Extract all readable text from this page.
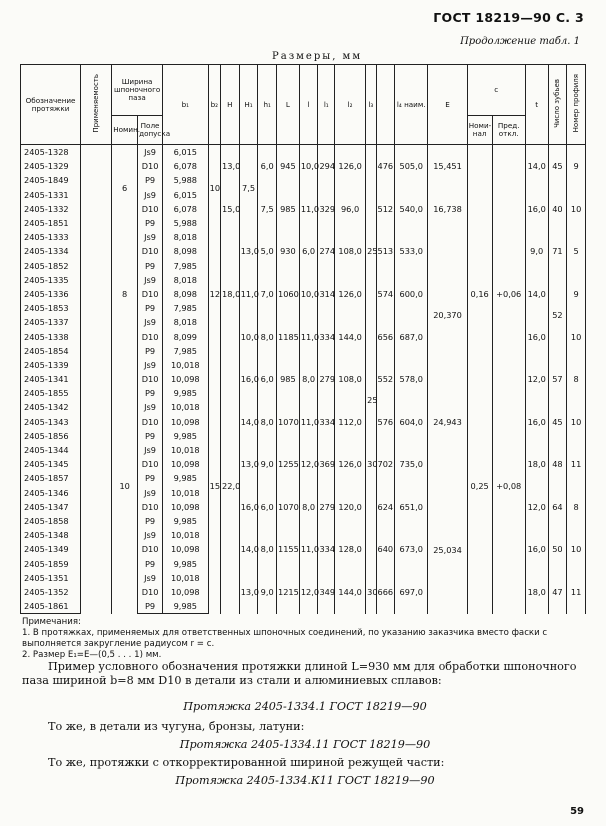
ГОСТ 18219—90 С. 3
Продолжение табл. 1
Размеры, мм
Обозначение протяжки	Применяемость	Ширина шпоночного паза		b₁	b₂	H	H₁	h₁	L	l	l₁	l₂	l₃		l₄ наим.	E	c		t	Число зубьев	Номер профиля
		Номин.	Поле допуска														Номи-нал	Пред. откл.			
2405-1328		6	Js9	6,015	10	13,0	7,5	6,0	945	10,0	294	126,0	25	476	505,0	15,451			14,0	45	9
2405-1329			D10	6,078																	
2405-1849			P9	5,988																	
2405-1331			Js9	6,015		15,0		7,5	985	11,0	329	96,0		512	540,0	16,738			16,0	40	10
2405-1332			D10	6,078																	
2405-1851			P9	5,988																	
2405-1333		8	Js9	8,018	12	18,0	13,0	5,0	930	6,0	274	108,0		513	533,0		0,16	+0,06	9,0	71	5
2405-1334			D10	8,098																	
2405-1852			P9	7,985																	
2405-1335			Js9	8,018			11,0	7,0	1060	10,0	314	126,0		574	600,0	20,370			14,0	52	9
2405-1336			D10	8,098																	
2405-1853			P9	7,985																	
2405-1337			Js9	8,018			10,0	8,0	1185	11,0	334	144,0		656	687,0				16,0		10
2405-1338			D10	8,099																	
2405-1854			P9	7,985																	
2405-1339		10	Js9	10,018	15	22,0	16,0	6,0	985	8,0	279	108,0	25	552	578,0	24,943	0,25	+0,08	12,0	57	8
2405-1341			D10	10,098																	
2405-1855			P9	9,985																	
2405-1342			Js9	10,018			14,0	8,0	1070	11,0	334	112,0		576	604,0				16,0	45	10
2405-1343			D10	10,098																	
2405-1856			P9	9,985																	
2405-1344			Js9	10,018			13,0	9,0	1255	12,0	369	126,0	30	702	735,0				18,0	48	11
2405-1345			D10	10,098																	
2405-1857			P9	9,985																	
2405-1346			Js9	10,018			16,0	6,0	1070	8,0	279	120,0		624	651,0	25,034			12,0	64	8
2405-1347			D10	10,098																	
2405-1858			P9	9,985																	
2405-1348			Js9	10,018			14,0	8,0	1155	11,0	334	128,0		640	673,0				16,0	50	10
2405-1349			D10	10,098																	
2405-1859			P9	9,985																	
2405-1351			Js9	10,018			13,0	9,0	1215	12,0	349	144,0	30	666	697,0				18,0	47	11
2405-1352			D10	10,098																	
2405-1861			P9	9,985																	
Примечания:
1. В протяжках, применяемых для ответственных шпоночных соединений, по указанию заказчика вместо фаски с выполняется закругление радиусом r = c.
2. Размер E₁=E—(0,5 . . . 1) мм.
Пример условного обозначения протяжки длиной L=930 мм для обработки шпоночного паза шириной b=8 мм D10 в детали из стали и алюминиевых сплавов:
Протяжка 2405-1334.1 ГОСТ 18219—90
То же, в детали из чугуна, бронзы, латуни:
Протяжка 2405-1334.11 ГОСТ 18219—90
То же, протяжки с откорректированной шириной режущей части:
Протяжка 2405-1334.К11 ГОСТ 18219—90
59
